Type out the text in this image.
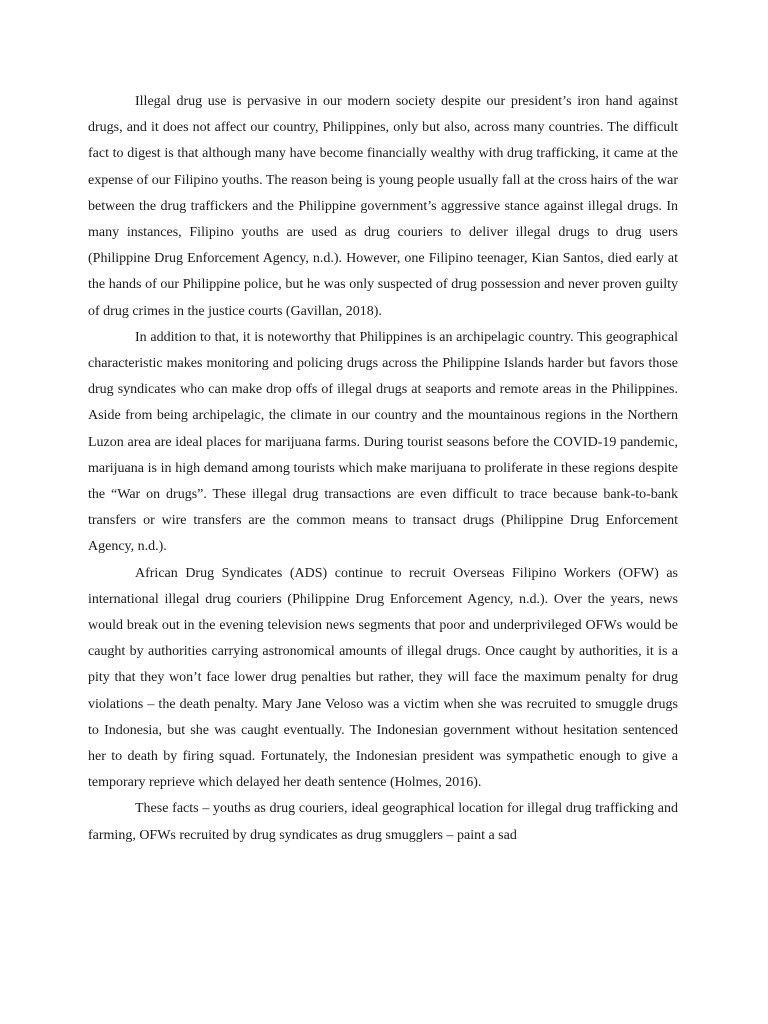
Illegal drug use is pervasive in our modern society despite our president’s iron hand against drugs, and it does not affect our country, Philippines, only but also, across many countries. The difficult fact to digest is that although many have become financially wealthy with drug trafficking, it came at the expense of our Filipino youths. The reason being is young people usually fall at the cross hairs of the war between the drug traffickers and the Philippine government’s aggressive stance against illegal drugs. In many instances, Filipino youths are used as drug couriers to deliver illegal drugs to drug users (Philippine Drug Enforcement Agency, n.d.). However, one Filipino teenager, Kian Santos, died early at the hands of our Philippine police, but he was only suspected of drug possession and never proven guilty of drug crimes in the justice courts (Gavillan, 2018).

In addition to that, it is noteworthy that Philippines is an archipelagic country. This geographical characteristic makes monitoring and policing drugs across the Philippine Islands harder but favors those drug syndicates who can make drop offs of illegal drugs at seaports and remote areas in the Philippines. Aside from being archipelagic, the climate in our country and the mountainous regions in the Northern Luzon area are ideal places for marijuana farms. During tourist seasons before the COVID-19 pandemic, marijuana is in high demand among tourists which make marijuana to proliferate in these regions despite the “War on drugs”. These illegal drug transactions are even difficult to trace because bank-to-bank transfers or wire transfers are the common means to transact drugs (Philippine Drug Enforcement Agency, n.d.).

African Drug Syndicates (ADS) continue to recruit Overseas Filipino Workers (OFW) as international illegal drug couriers (Philippine Drug Enforcement Agency, n.d.). Over the years, news would break out in the evening television news segments that poor and underprivileged OFWs would be caught by authorities carrying astronomical amounts of illegal drugs. Once caught by authorities, it is a pity that they won’t face lower drug penalties but rather, they will face the maximum penalty for drug violations – the death penalty. Mary Jane Veloso was a victim when she was recruited to smuggle drugs to Indonesia, but she was caught eventually. The Indonesian government without hesitation sentenced her to death by firing squad. Fortunately, the Indonesian president was sympathetic enough to give a temporary reprieve which delayed her death sentence (Holmes, 2016).

These facts – youths as drug couriers, ideal geographical location for illegal drug trafficking and farming, OFWs recruited by drug syndicates as drug smugglers – paint a sad
